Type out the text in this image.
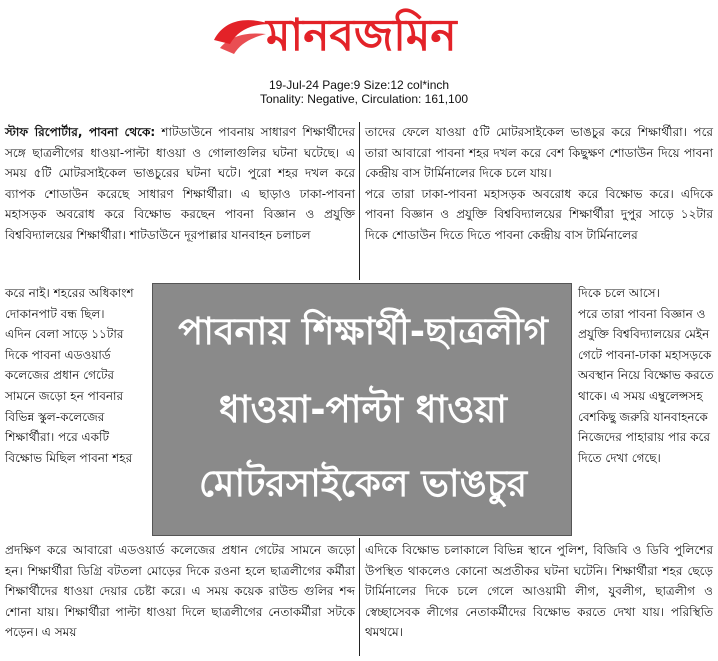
মানবজমিন
19-Jul-24 Page:9 Size:12 col*inch
Tonality: Negative, Circulation: 161,100

স্টাফ রিপোর্টার, পাবনা থেকে: শাটডাউনে পাবনায় সাধারণ শিক্ষার্থীদের সঙ্গে ছাত্রলীগের ধাওয়া-পাল্টা ধাওয়া ও গোলাগুলির ঘটনা ঘটেছে। এ সময় ৫টি মোটরসাইকেল ভাঙচুরের ঘটনা ঘটে। পুরো শহর দখল করে ব্যাপক শোডাউন করেছে সাধারণ শিক্ষার্থীরা। এ ছাড়াও ঢাকা-পাবনা মহাসড়ক অবরোধ করে বিক্ষোভ করছেন পাবনা বিজ্ঞান ও প্রযুক্তি বিশ্ববিদ্যালয়ের শিক্ষার্থীরা। শাটডাউনে দূরপাল্লার যানবাহন চলাচল

তাদের ফেলে যাওয়া ৫টি মোটরসাইকেল ভাঙচুর করে শিক্ষার্থীরা। পরে তারা আবারো পাবনা শহর দখল করে বেশ কিছুক্ষণ শোডাউন দিয়ে পাবনা কেন্দ্রীয় বাস টার্মিনালের দিকে চলে যায়।

পরে তারা ঢাকা-পাবনা মহাসড়ক অবরোধ করে বিক্ষোভ করে। এদিকে পাবনা বিজ্ঞান ও প্রযুক্তি বিশ্ববিদ্যালয়ের শিক্ষার্থীরা দুপুর সাড়ে ১২টার দিকে শোডাউন দিতে দিতে পাবনা কেন্দ্রীয় বাস টার্মিনালের

করে নাই। শহরের অধিকাংশ দোকানপাট বন্ধ ছিল।

এদিন বেলা সাড়ে ১১টার দিকে পাবনা এডওয়ার্ড কলেজের প্রধান গেটের সামনে জড়ো হন পাবনার বিভিন্ন স্কুল-কলেজের শিক্ষার্থীরা। পরে একটি বিক্ষোভ মিছিল পাবনা শহর

পাবনায় শিক্ষার্থী-ছাত্রলীগ
ধাওয়া-পাল্টা ধাওয়া
মোটরসাইকেল ভাঙচুর

দিকে চলে আসে।

পরে তারা পাবনা বিজ্ঞান ও প্রযুক্তি বিশ্ববিদ্যালয়ের মেইন গেটে পাবনা-ঢাকা মহাসড়কে অবস্থান নিয়ে বিক্ষোভ করতে থাকে। এ সময় এম্বুলেন্সসহ বেশকিছু জরুরি যানবাহনকে নিজেদের পাহারায় পার করে দিতে দেখা গেছে।

প্রদক্ষিণ করে আবারো এডওয়ার্ড কলেজের প্রধান গেটের সামনে জড়ো হন। শিক্ষার্থীরা ডিগ্রি বটতলা মোড়ের দিকে রওনা হলে ছাত্রলীগের কর্মীরা শিক্ষার্থীদের ধাওয়া দেয়ার চেষ্টা করে। এ সময় কয়েক রাউন্ড গুলির শব্দ শোনা যায়। শিক্ষার্থীরা পাল্টা ধাওয়া দিলে ছাত্রলীগের নেতাকর্মীরা সটকে পড়েন। এ সময়

এদিকে বিক্ষোভ চলাকালে বিভিন্ন স্থানে পুলিশ, বিজিবি ও ডিবি পুলিশের উপস্থিত থাকলেও কোনো অপ্রতীকর ঘটনা ঘটেনি। শিক্ষার্থীরা শহর ছেড়ে টার্মিনালের দিকে চলে গেলে আওয়ামী লীগ, যুবলীগ, ছাত্রলীগ ও স্বেচ্ছাসেবক লীগের নেতাকর্মীদের বিক্ষোভ করতে দেখা যায়। পরিস্থিতি থমথমে।
